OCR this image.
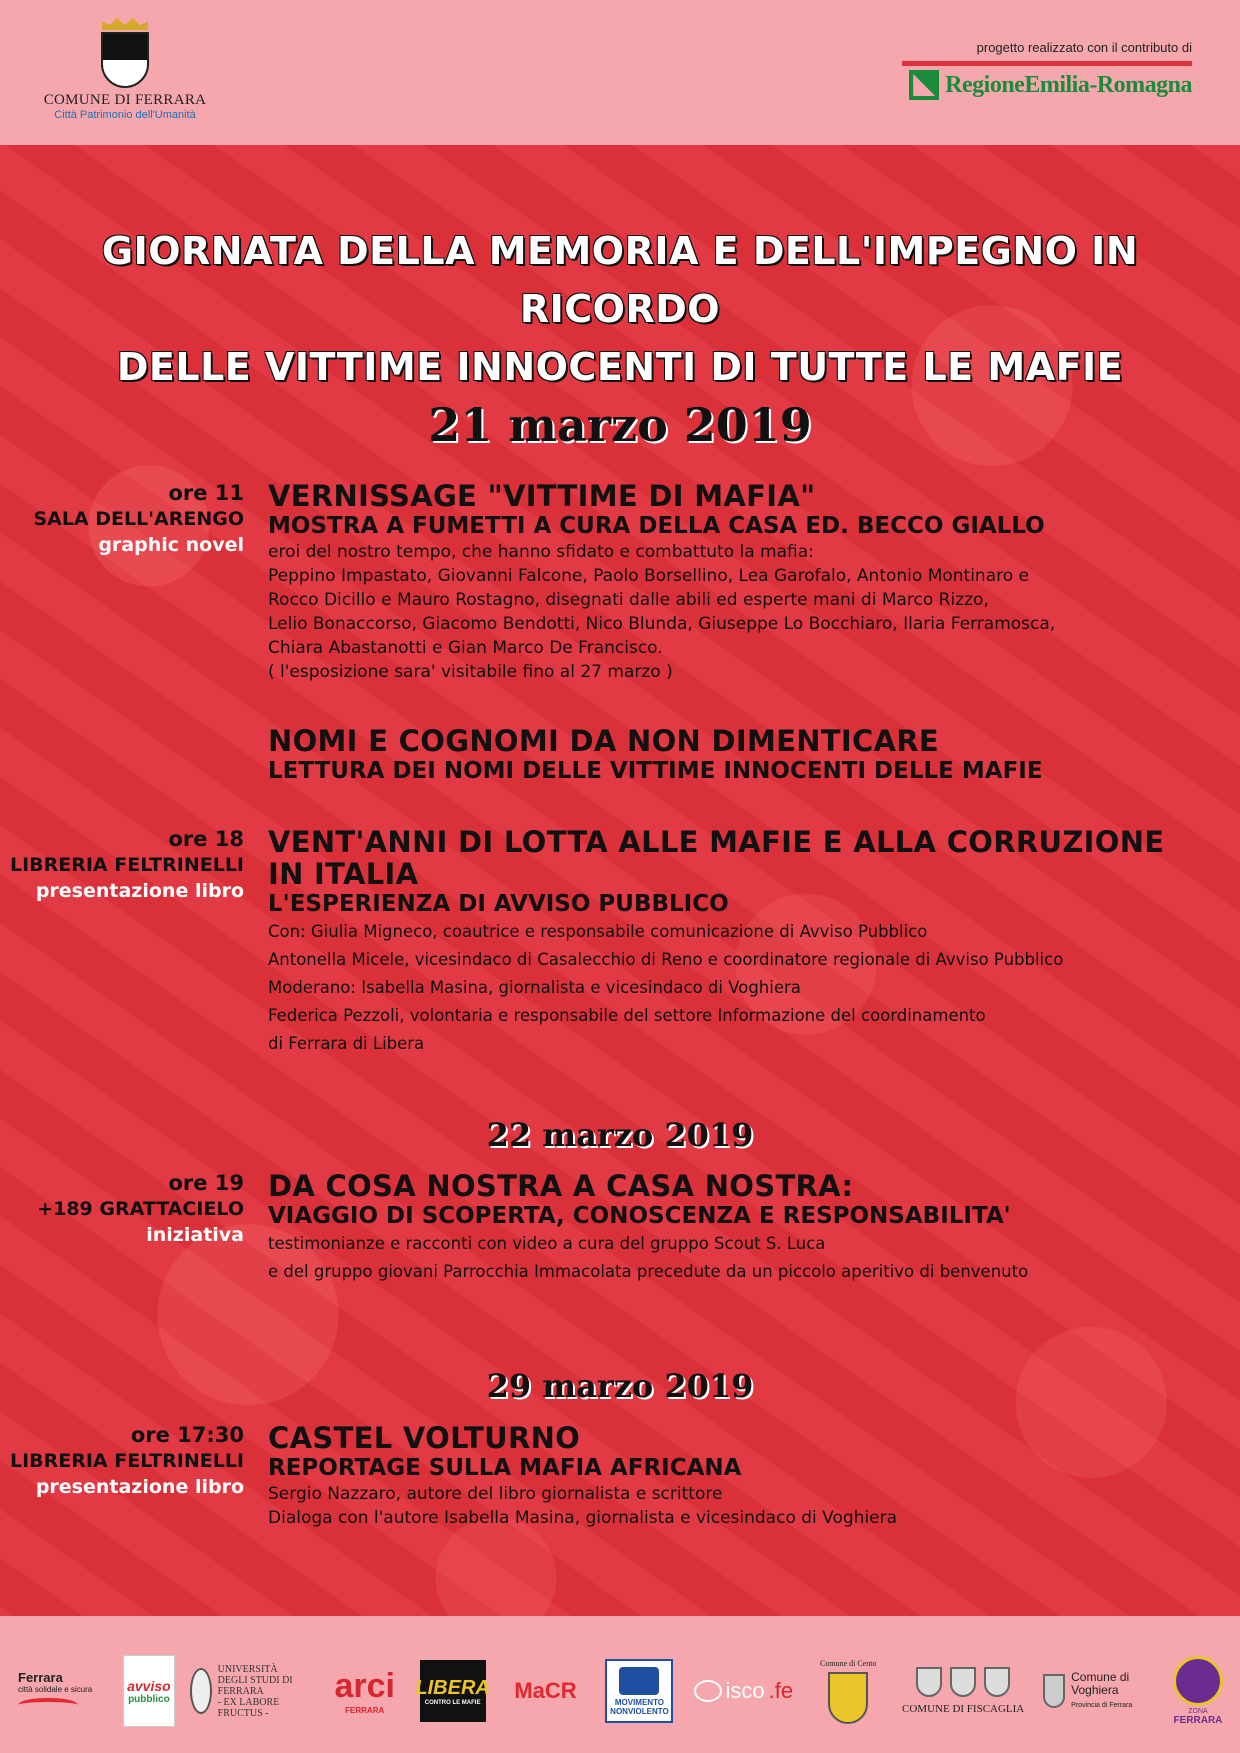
COMUNE DI FERRARA
Città Patrimonio dell'Umanità
progetto realizzato con il contributo di
RegioneEmilia-Romagna
GIORNATA DELLA MEMORIA E DELL'IMPEGNO IN RICORDO
DELLE VITTIME INNOCENTI DI TUTTE LE MAFIE
21 marzo 2019
ore 11
SALA DELL'ARENGO
graphic novel
VERNISSAGE "VITTIME DI MAFIA"
MOSTRA A FUMETTI A CURA DELLA CASA ED. BECCO GIALLO
eroi del nostro tempo, che hanno sfidato e combattuto la mafia:
Peppino Impastato, Giovanni Falcone, Paolo Borsellino, Lea Garofalo, Antonio Montinaro e
Rocco Dicillo e Mauro Rostagno, disegnati dalle abili ed esperte mani di Marco Rizzo,
Lelio Bonaccorso, Giacomo Bendotti, Nico Blunda, Giuseppe Lo Bocchiaro, Ilaria Ferramosca,
Chiara Abastanotti e Gian Marco De Francisco.
( l'esposizione sara' visitabile fino al 27 marzo )
NOMI E COGNOMI DA NON DIMENTICARE
LETTURA DEI NOMI DELLE VITTIME INNOCENTI DELLE MAFIE
ore 18
LIBRERIA FELTRINELLI
presentazione libro
VENT'ANNI DI LOTTA ALLE MAFIE E ALLA CORRUZIONE
IN ITALIA
L'ESPERIENZA DI AVVISO PUBBLICO
Con: Giulia Migneco, coautrice e responsabile comunicazione di Avviso Pubblico
Antonella Micele, vicesindaco di Casalecchio di Reno e coordinatore regionale di Avviso Pubblico
Moderano: Isabella Masina, giornalista e vicesindaco di Voghiera
Federica Pezzoli, volontaria e responsabile del settore Informazione del coordinamento
di Ferrara di Libera
22 marzo 2019
ore 19
+189 GRATTACIELO
iniziativa
DA COSA NOSTRA A CASA NOSTRA:
VIAGGIO DI SCOPERTA, CONOSCENZA E RESPONSABILITA'
testimonianze e racconti con video a cura del gruppo Scout S. Luca
e del gruppo giovani Parrocchia Immacolata precedute da un piccolo aperitivo di benvenuto
29 marzo 2019
ore 17:30
LIBRERIA FELTRINELLI
presentazione libro
CASTEL VOLTURNO
REPORTAGE SULLA MAFIA AFRICANA
Sergio Nazzaro, autore del libro giornalista e scrittore
Dialoga con l'autore Isabella Masina, giornalista e vicesindaco di Voghiera
Ferrara
città solidale e sicura avviso
pubblico
UNIVERSITÀ DEGLI STUDI DI FERRARA
- EX LABORE FRUCTUS -
arci
FERRARA
LIBERA
CONTRO LE MAFIE MaCR	MOVIMENTO NONVIOLENTO
isco .fe
Comune di Cento
COMUNE DI FISCAGLIA
Comune di Voghiera
Provincia di Ferrara
ZONA
FERRARA
